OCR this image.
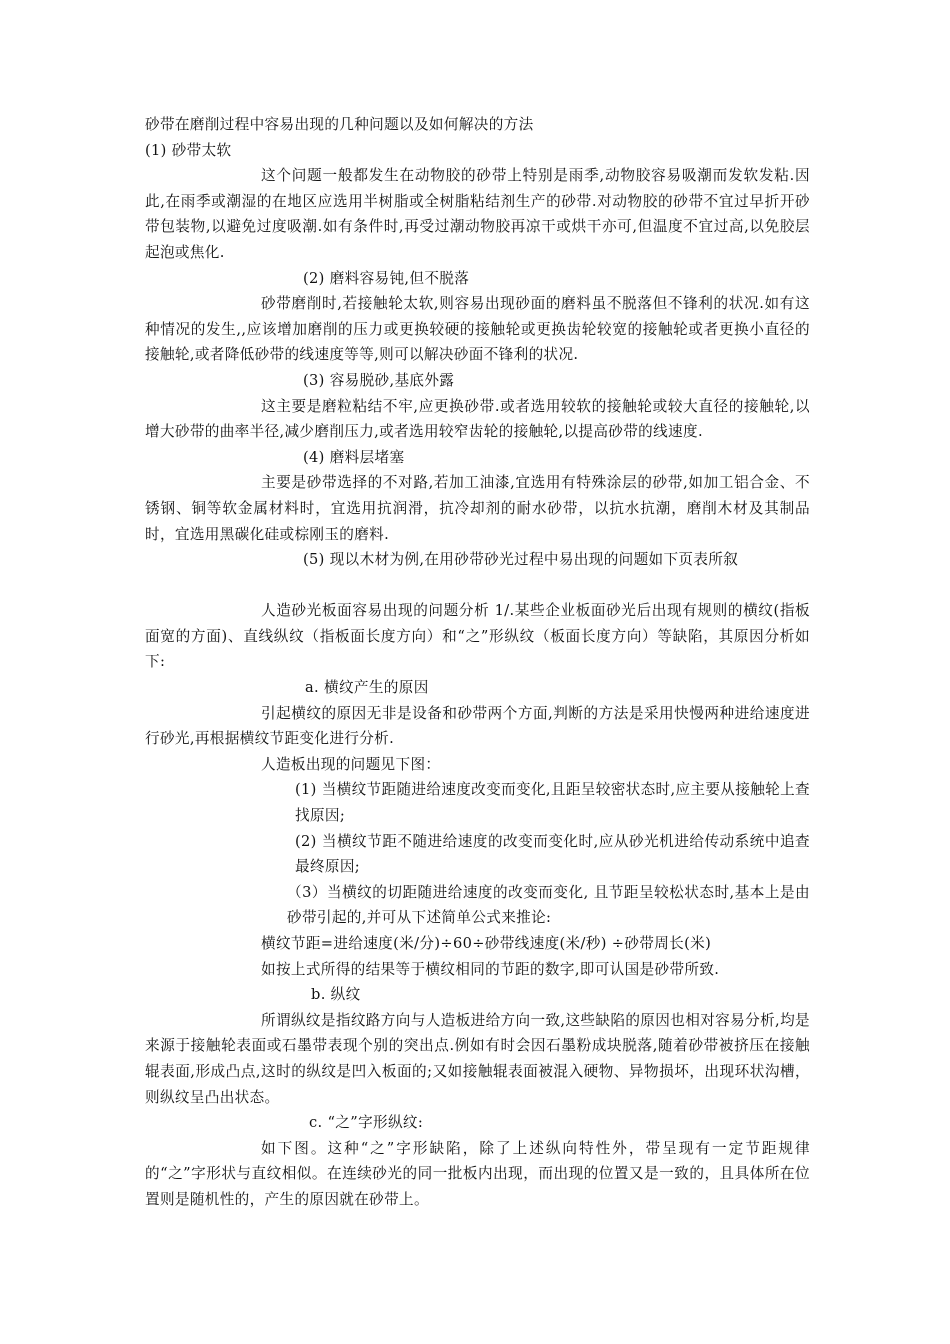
砂带在磨削过程中容易出现的几种问题以及如何解决的方法

(1) 砂带太软

这个问题一般都发生在动物胶的砂带上特别是雨季,动物胶容易吸潮而发软发粘.因此,在雨季或潮湿的在地区应选用半树脂或全树脂粘结剂生产的砂带.对动物胶的砂带不宜过早折开砂带包装物,以避免过度吸潮.如有条件时,再受过潮动物胶再凉干或烘干亦可,但温度不宜过高,以免胶层起泡或焦化.

(2) 磨料容易钝,但不脱落

砂带磨削时,若接触轮太软,则容易出现砂面的磨料虽不脱落但不锋利的状况.如有这种情况的发生,,应该增加磨削的压力或更换较硬的接触轮或更换齿轮较宽的接触轮或者更换小直径的接触轮,或者降低砂带的线速度等等,则可以解决砂面不锋利的状况.

(3) 容易脱砂,基底外露

这主要是磨粒粘结不牢,应更换砂带.或者选用较软的接触轮或较大直径的接触轮,以增大砂带的曲率半径,减少磨削压力,或者选用较窄齿轮的接触轮,以提高砂带的线速度.

(4) 磨料层堵塞

主要是砂带选择的不对路,若加工油漆,宜选用有特殊涂层的砂带,如加工铝合金、不锈钢、铜等软金属材料时，宜选用抗润滑，抗冷却剂的耐水砂带，以抗水抗潮，磨削木材及其制品时，宜选用黑碳化硅或棕刚玉的磨料.

(5) 现以木材为例,在用砂带砂光过程中易出现的问题如下页表所叙

人造砂光板面容易出现的问题分析 1/.某些企业板面砂光后出现有规则的横纹(指板面宽的方面)、直线纵纹（指板面长度方向）和“之”形纵纹（板面长度方向）等缺陷，其原因分析如下:

a. 横纹产生的原因

引起横纹的原因无非是设备和砂带两个方面,判断的方法是采用快慢两种进给速度进行砂光,再根据横纹节距变化进行分析.

人造板出现的问题见下图：

(1) 当横纹节距随进给速度改变而变化,且距呈较密状态时,应主要从接触轮上查找原因;

(2) 当横纹节距不随进给速度的改变而变化时,应从砂光机进给传动系统中追查最终原因;

（3）当横纹的切距随进给速度的改变而变化, 且节距呈较松状态时,基本上是由砂带引起的,并可从下述简单公式来推论:

横纹节距=进给速度(米/分)÷60÷砂带线速度(米/秒) ÷砂带周长(米)

如按上式所得的结果等于横纹相同的节距的数字,即可认国是砂带所致.

b. 纵纹

所谓纵纹是指纹路方向与人造板进给方向一致,这些缺陷的原因也相对容易分析,均是来源于接触轮表面或石墨带表现个别的突出点.例如有时会因石墨粉成块脱落,随着砂带被挤压在接触辊表面,形成凸点,这时的纵纹是凹入板面的;又如接触辊表面被混入硬物、异物损坏，出现环状沟槽，则纵纹呈凸出状态。

c. “之”字形纵纹:

如下图。这种“之”字形缺陷，除了上述纵向特性外，带呈现有一定节距规律的“之”字形状与直纹相似。在连续砂光的同一批板内出现，而出现的位置又是一致的，且具体所在位置则是随机性的，产生的原因就在砂带上。
